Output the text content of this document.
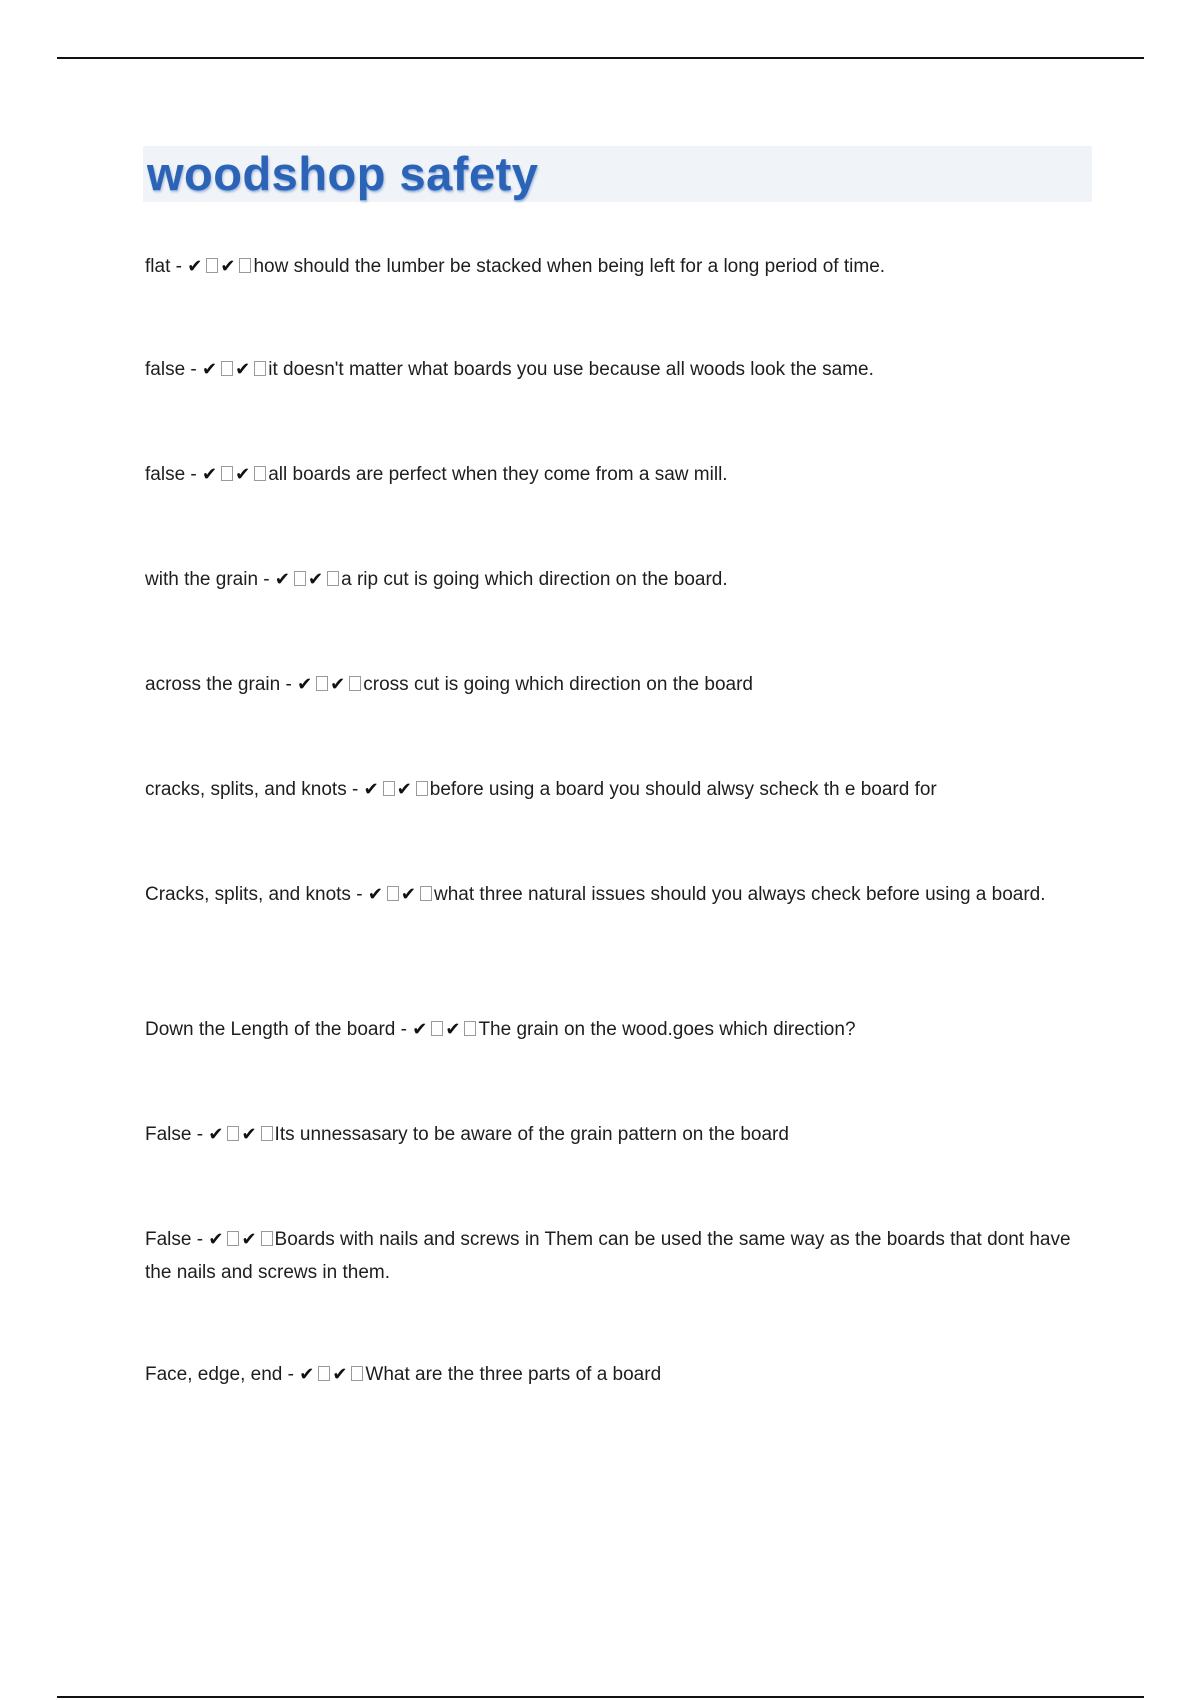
woodshop safety
flat - ✔ ✔ how should the lumber be stacked when being left for a long period of time.
false - ✔ ✔ it doesn't matter what boards you use because all woods look the same.
false - ✔ ✔ all boards are perfect when they come from a saw mill.
with the grain - ✔ ✔ a rip cut is going which direction on the board.
across the grain - ✔ ✔ cross cut is going which direction on the board
cracks, splits, and knots - ✔ ✔ before using a board you should alwsy scheck th e board for
Cracks, splits, and knots - ✔ ✔ what three natural issues should you always check before using a board.
Down the Length of the board - ✔ ✔ The grain on the wood.goes which direction?
False - ✔ ✔ Its unnessasary to be aware of the grain pattern on the board
False - ✔ ✔ Boards with nails and screws in Them can be used the same way as the boards that dont have the nails and screws in them.
Face, edge, end - ✔ ✔ What are the three parts of a board
